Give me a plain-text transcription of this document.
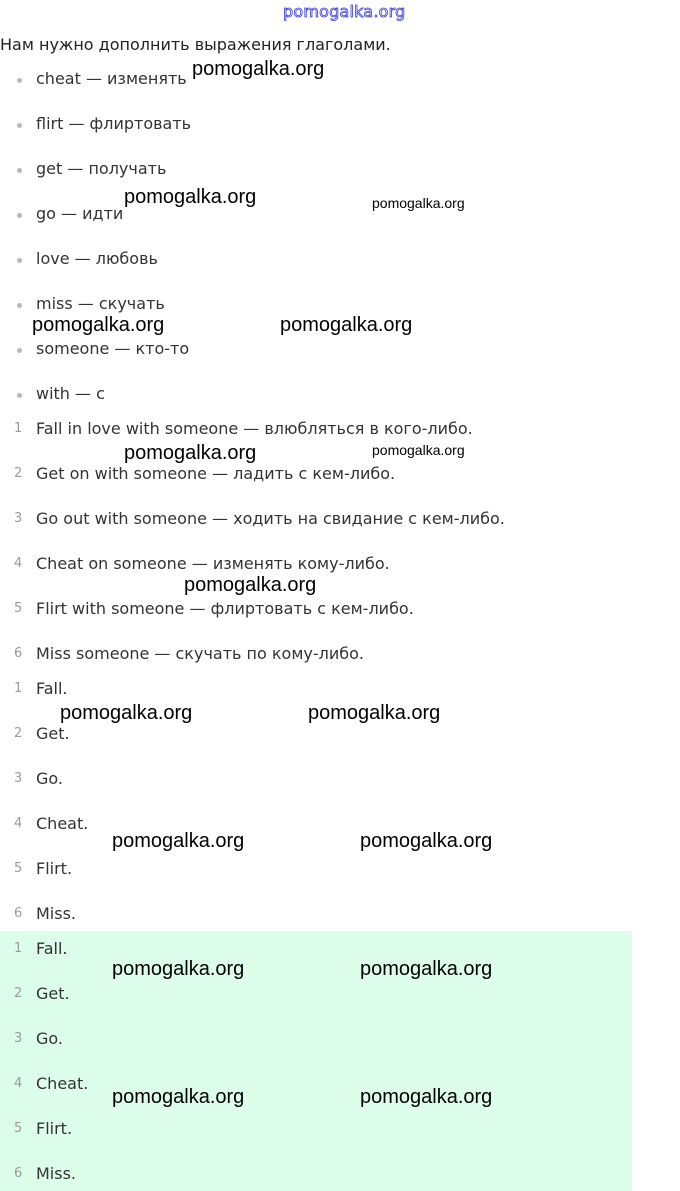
pomogalka.org
Нам нужно дополнить выражения глаголами.
cheat — изменять
flirt — флиртовать
get — получать
go — идти
love — любовь
miss — скучать
someone — кто-то
with — с
1 Fall in love with someone — влюбляться в кого-либо.
2 Get on with someone — ладить с кем-либо.
3 Go out with someone — ходить на свидание с кем-либо.
4 Cheat on someone — изменять кому-либо.
5 Flirt with someone — флиртовать с кем-либо.
6 Miss someone — скучать по кому-либо.
1 Fall.
2 Get.
3 Go.
4 Cheat.
5 Flirt.
6 Miss.
1 Fall.
2 Get.
3 Go.
4 Cheat.
5 Flirt.
6 Miss.
pomogalka.org
pomogalka.org	pomogalka.org
pomogalka.org	pomogalka.org
pomogalka.org	pomogalka.org
pomogalka.org
pomogalka.org	pomogalka.org
pomogalka.org	pomogalka.org
pomogalka.org	pomogalka.org
pomogalka.org	pomogalka.org
